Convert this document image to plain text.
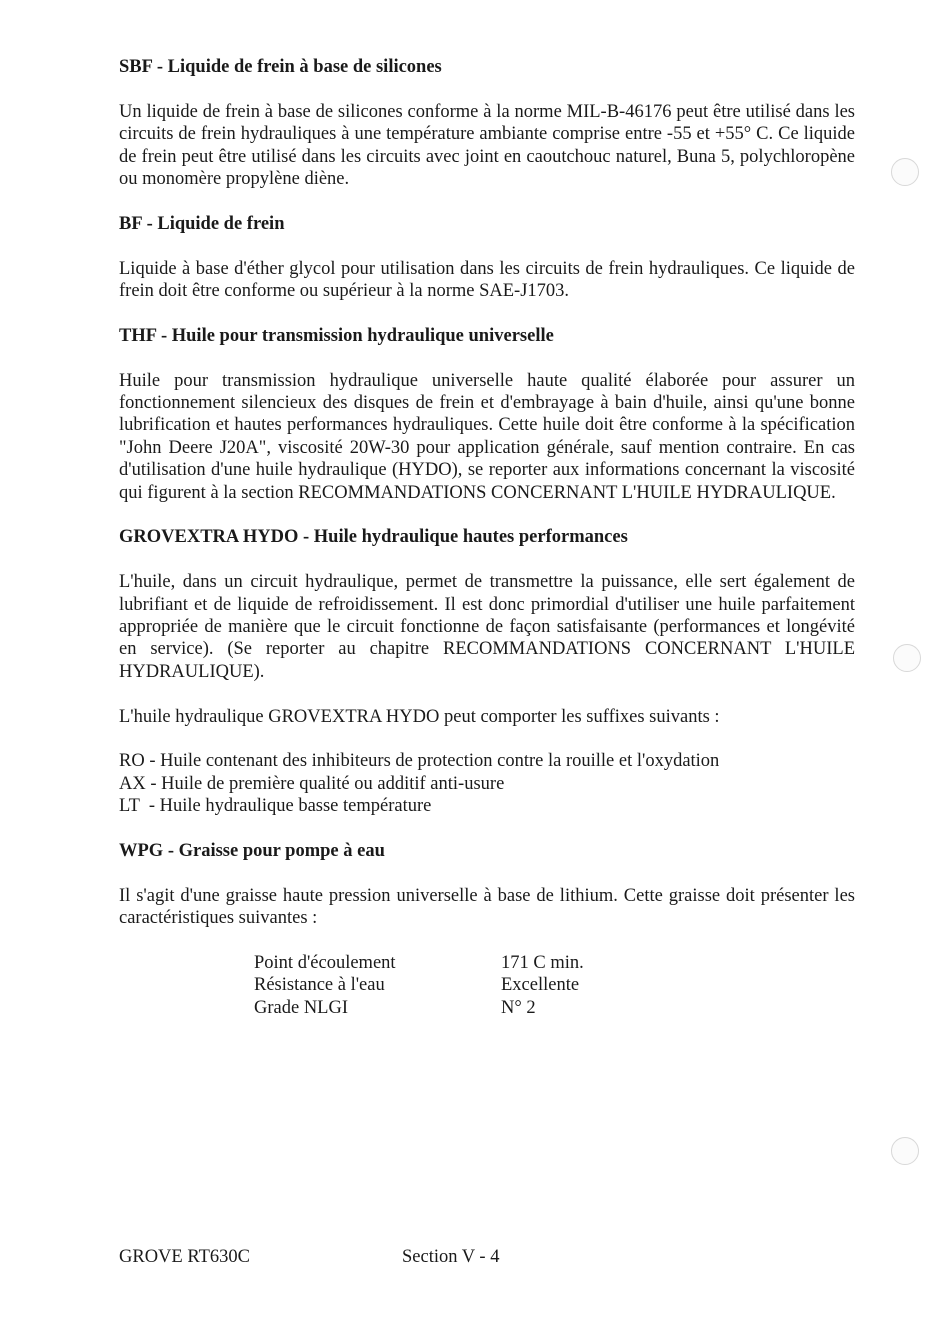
SBF - Liquide de frein à base de silicones

Un liquide de frein à base de silicones conforme à la norme MIL-B-46176 peut être utilisé dans les circuits de frein hydrauliques à une température ambiante comprise entre -55 et +55° C. Ce liquide de frein peut être utilisé dans les circuits avec joint en caoutchouc naturel, Buna 5, polychloropène ou monomère propylène diène.

BF - Liquide de frein

Liquide à base d'éther glycol pour utilisation dans les circuits de frein hydrauliques. Ce liquide de frein doit être conforme ou supérieur à la norme SAE-J1703.

THF - Huile pour transmission hydraulique universelle

Huile pour transmission hydraulique universelle haute qualité élaborée pour assurer un fonctionnement silencieux des disques de frein et d'embrayage à bain d'huile, ainsi qu'une bonne lubrification et hautes performances hydrauliques. Cette huile doit être conforme à la spécification "John Deere J20A", viscosité 20W-30 pour application générale, sauf mention contraire. En cas d'utilisation d'une huile hydraulique (HYDO), se reporter aux informations concernant la viscosité qui figurent à la section RECOMMANDATIONS CONCERNANT L'HUILE HYDRAULIQUE.

GROVEXTRA HYDO - Huile hydraulique hautes performances

L'huile, dans un circuit hydraulique, permet de transmettre la puissance, elle sert également de lubrifiant et de liquide de refroidissement. Il est donc primordial d'utiliser une huile parfaitement appropriée de manière que le circuit fonctionne de façon satisfaisante (performances et longévité en service). (Se reporter au chapitre RECOMMANDATIONS CONCERNANT L'HUILE HYDRAULIQUE).

L'huile hydraulique GROVEXTRA HYDO peut comporter les suffixes suivants :

RO - Huile contenant des inhibiteurs de protection contre la rouille et l'oxydation
AX - Huile de première qualité ou additif anti-usure
LT  - Huile hydraulique basse température
WPG - Graisse pour pompe à eau

Il s'agit d'une graisse haute pression universelle à base de lithium. Cette graisse doit présenter les caractéristiques suivantes :

Point d'écoulement	171 C min.
Résistance à l'eau	Excellente
Grade NLGI	N° 2
GROVE RT630C	Section V - 4
